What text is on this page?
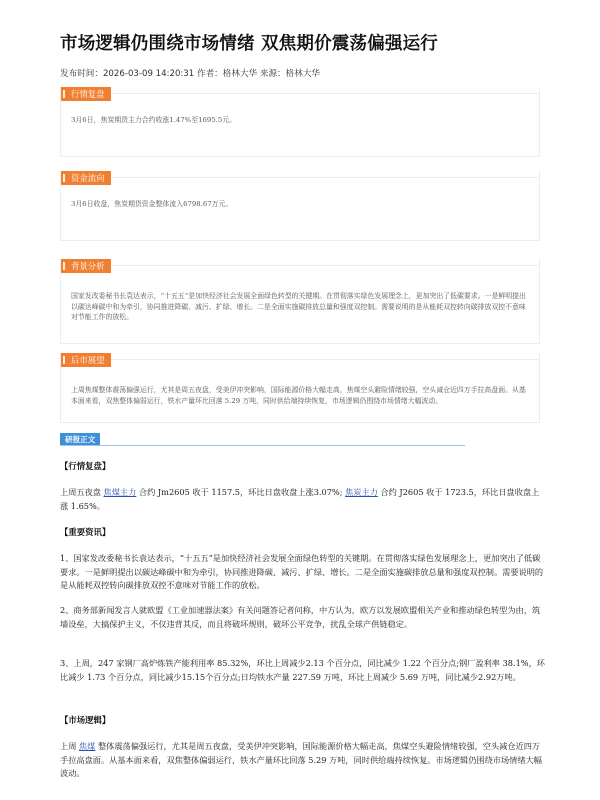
市场逻辑仍围绕市场情绪 双焦期价震荡偏强运行
发布时间：2026-03-09 14:20:31 作者：格林大华 来源：格林大华
行情复盘
3月6日，焦炭期货主力合约收涨1.47%至1695.5元。
资金流向
3月6日收盘，焦炭期货资金整体流入6798.67万元。
背景分析
国家发改委秘书长袁达表示，“十五五”是加快经济社会发展全面绿色转型的关键期。在贯彻落实绿色发展理念上，更加突出了低碳要求。一是鲜明提出以碳达峰碳中和为牵引，协同推进降碳、减污、扩绿、增长。二是全面实施碳排放总量和强度双控制。需要说明的是从能耗双控转向碳排放双控不意味对节能工作的放松。
后市展望
上周焦煤整体震荡偏强运行，尤其是周五夜盘，受美伊冲突影响，国际能源价格大幅走高，焦煤空头避险情绪较强，空头减仓近四万手拉高盘面。从基本面来看，双焦整体偏弱运行，铁水产量环比回落 5.29 万吨，同时供给端持续恢复，市场逻辑仍围绕市场情绪大幅波动。
研报正文
【行情复盘】
上周五夜盘 焦煤主力 合约 Jm2605 收于 1157.5，环比日盘收盘上涨3.07%; 焦炭主力 合约 J2605 收于 1723.5，环比日盘收盘上涨 1.65%。
【重要资讯】
1、国家发改委秘书长袁达表示，“十五五”是加快经济社会发展全面绿色转型的关键期。在贯彻落实绿色发展理念上，更加突出了低碳要求。一是鲜明提出以碳达峰碳中和为牵引，协同推进降碳、减污、扩绿、增长。二是全面实施碳排放总量和强度双控制。需要说明的是从能耗双控转向碳排放双控不意味对节能工作的放松。
2、商务部新闻发言人就欧盟《工业加速器法案》有关问题答记者问称，中方认为，欧方以发展欧盟相关产业和推动绿色转型为由，筑墙设垒，大搞保护主义，不仅违背其反，而且将破坏规则，破坏公平竞争，扰乱全球产供链稳定。
3、上周，247 家钢厂高炉炼铁产能利用率 85.32%，环比上周减少2.13 个百分点，同比减少 1.22 个百分点;钢厂盈利率 38.1%，环比减少 1.73 个百分点，同比减少15.15个百分点;日均铁水产量 227.59 万吨，环比上周减少 5.69 万吨，同比减少2.92万吨。
【市场逻辑】
上周 焦煤 整体震荡偏强运行，尤其是周五夜盘，受美伊冲突影响，国际能源价格大幅走高，焦煤空头避险情绪较强，空头减仓近四万手拉高盘面。从基本面来看，双焦整体偏弱运行，铁水产量环比回落 5.29 万吨，同时供给端持续恢复。市场逻辑仍围绕市场情绪大幅波动。
